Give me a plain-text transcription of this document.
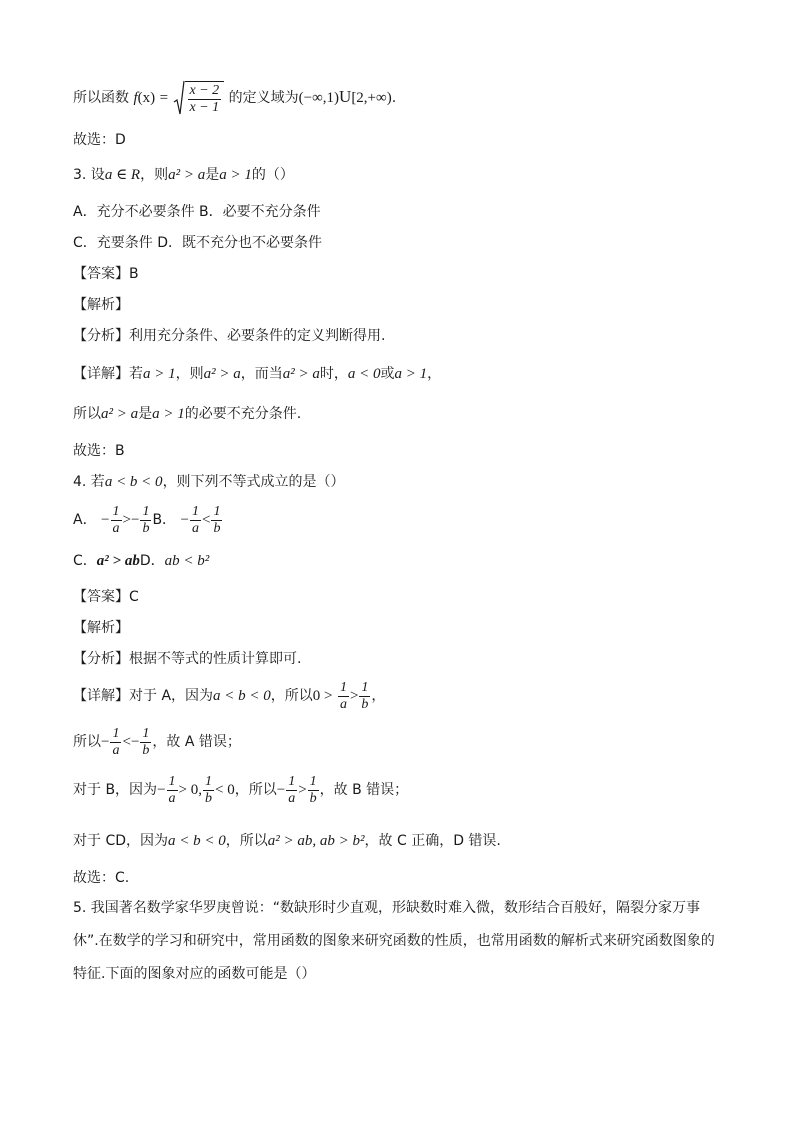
所以函数 $f(x) = \frac{x - 2}{x - 1}$ 的定义域为(−∞,1)U[2,+∞).
故选：D
3. 设a ∈ R，则a² > a是a > 1的（）
A．充分不必要条件 B．必要不充分条件
C．充要条件 D．既不充分也不必要条件
【答案】B
【解析】
【分析】利用充分条件、必要条件的定义判断得用.
【详解】若a > 1，则a² > a，而当a² > a时，a < 0或a > 1，
所以a² > a是a > 1的必要不充分条件.
故选：B
4. 若a < b < 0，则下列不等式成立的是（）
A． − $\frac{1}{a} >- \frac{1}{b}$ B． − $\frac{1}{a} < \frac{1}{b}$
C．a² > abD．ab < b²
【答案】C
【解析】
【分析】根据不等式的性质计算即可.
【详解】对于 A，因为a < b < 0，所以$0 > \frac{1}{a} > \frac{1}{b}$ ，
所以− $\frac{1}{a} <- \frac{1}{b}$ ，故 A 错误；
对于 B，因为− $\frac{1}{a} > 0$, $\frac{1}{b} < 0$，所以− $\frac{1}{a} > \frac{1}{b}$ ，故 B 错误；
对于 CD，因为a < b < 0，所以a² > ab, ab > b²，故 C 正确，D 错误.
故选：C.
5. 我国著名数学家华罗庚曾说：“数缺形时少直观，形缺数时难入微，数形结合百般好，隔裂分家万事休”.在数学的学习和研究中，常用函数的图象来研究函数的性质，也常用函数的解析式来研究函数图象的特征.下面的图象对应的函数可能是（）
